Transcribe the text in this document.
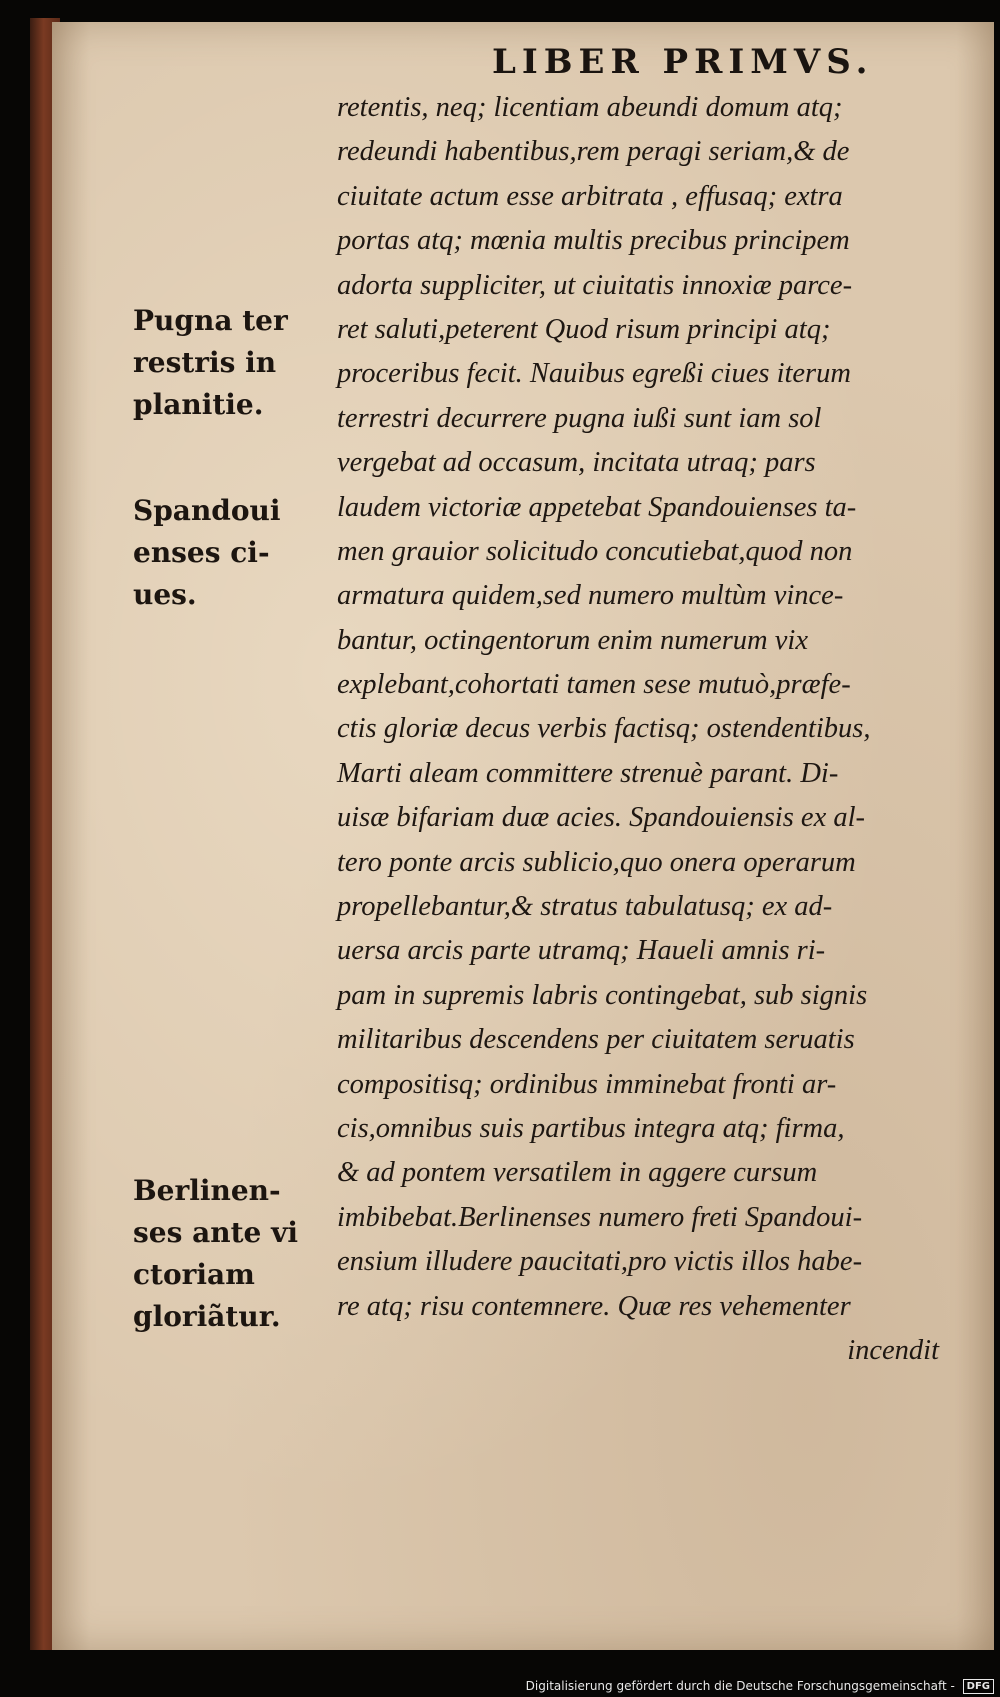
LIBER PRIMVS.
retentis, neq; licentiam abeundi domum atq;
redeundi habentibus,rem peragi seriam,& de
ciuitate actum esse arbitrata , effusaq; extra
portas atq; mœnia multis precibus principem
adorta suppliciter, ut ciuitatis innoxiæ parce-
ret saluti,peterent Quod risum principi atq;
proceribus fecit. Nauibus egreßi ciues iterum
terrestri decurrere pugna iußi sunt iam sol
vergebat ad occasum, incitata utraq; pars
laudem victoriæ appetebat Spandouienses ta-
men grauior solicitudo concutiebat,quod non
armatura quidem,sed numero multùm vince-
bantur, octingentorum enim numerum vix
explebant,cohortati tamen sese mutuò,præfe-
ctis gloriæ decus verbis factisq; ostendentibus,
Marti aleam committere strenuè parant. Di-
uisæ bifariam duæ acies. Spandouiensis ex al-
tero ponte arcis sublicio,quo onera operarum
propellebantur,& stratus tabulatusq; ex ad-
uersa arcis parte utramq; Haueli amnis ri-
pam in supremis labris contingebat, sub signis
militaribus descendens per ciuitatem seruatis
compositisq; ordinibus imminebat fronti ar-
cis,omnibus suis partibus integra atq; firma,
& ad pontem versatilem in aggere cursum
imbibebat.Berlinenses numero freti Spandoui-
ensium illudere paucitati,pro victis illos habe-
re atq; risu contemnere. Quæ res vehementer
incendit
Pugna ter
restris in
planitie.
Spandoui
enses ci-
ues.
Berlinen-
ses ante vi
ctoriam
gloriãtur.
Digitalisierung gefördert durch die Deutsche Forschungsgemeinschaft - DFG
